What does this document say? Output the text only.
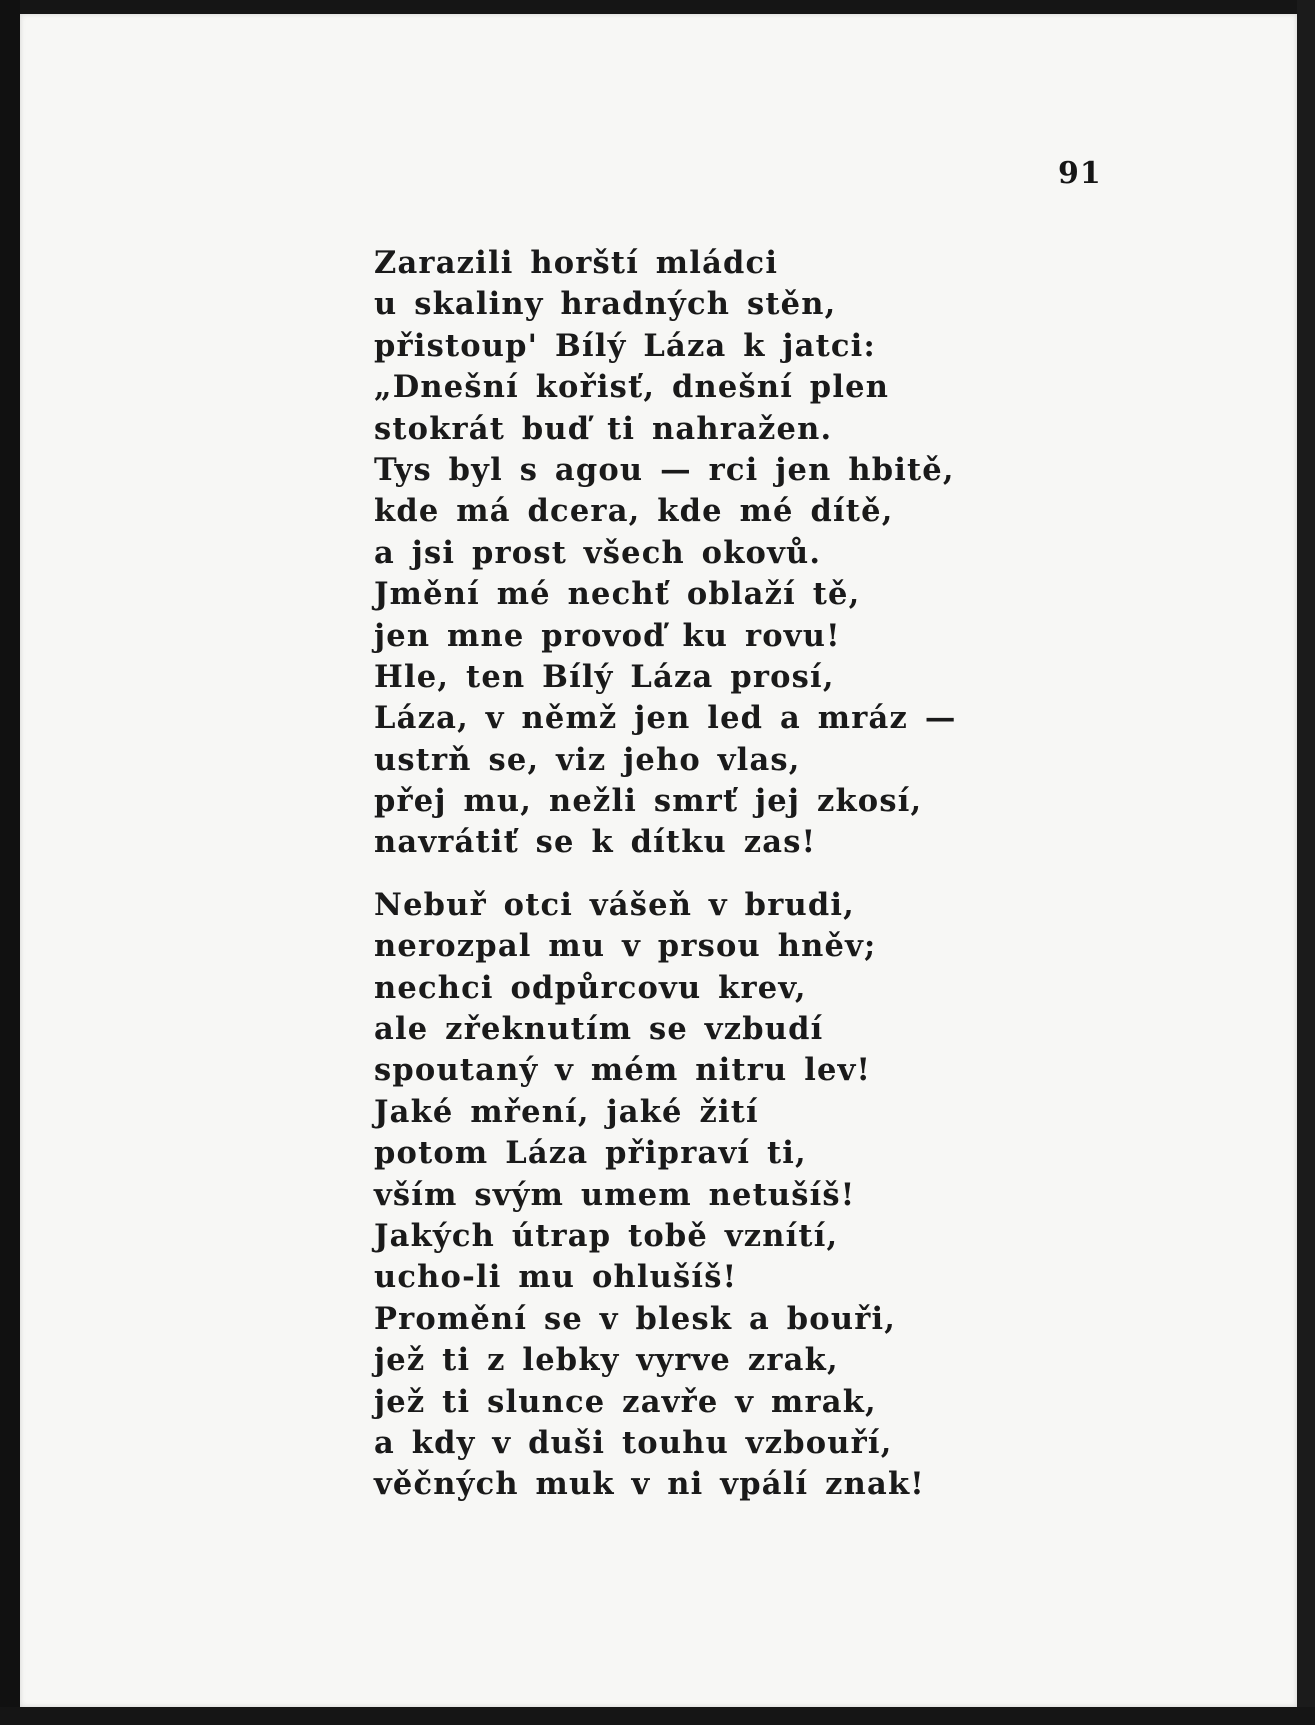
91
Zarazili horští mládci
u skaliny hradných stěn,
přistoup' Bílý Láza k jatci:
„Dnešní kořisť, dnešní plen
stokrát buď ti nahražen.
Tys byl s agou — rci jen hbitě,
kde má dcera, kde mé dítě,
a jsi prost všech okovů.
Jmění mé nechť oblaží tě,
jen mne provoď ku rovu!
Hle, ten Bílý Láza prosí,
Láza, v němž jen led a mráz —
ustrň se, viz jeho vlas,
přej mu, nežli smrť jej zkosí,
navrátiť se k dítku zas!
Nebuř otci vášeň v brudi,
nerozpal mu v prsou hněv;
nechci odpůrcovu krev,
ale zřeknutím se vzbudí
spoutaný v mém nitru lev!
Jaké mření, jaké žití
potom Láza připraví ti,
vším svým umem netušíš!
Jakých útrap tobě vznítí,
ucho-li mu ohlušíš!
Promění se v blesk a bouři,
jež ti z lebky vyrve zrak,
jež ti slunce zavře v mrak,
a kdy v duši touhu vzbouří,
věčných muk v ni vpálí znak!
